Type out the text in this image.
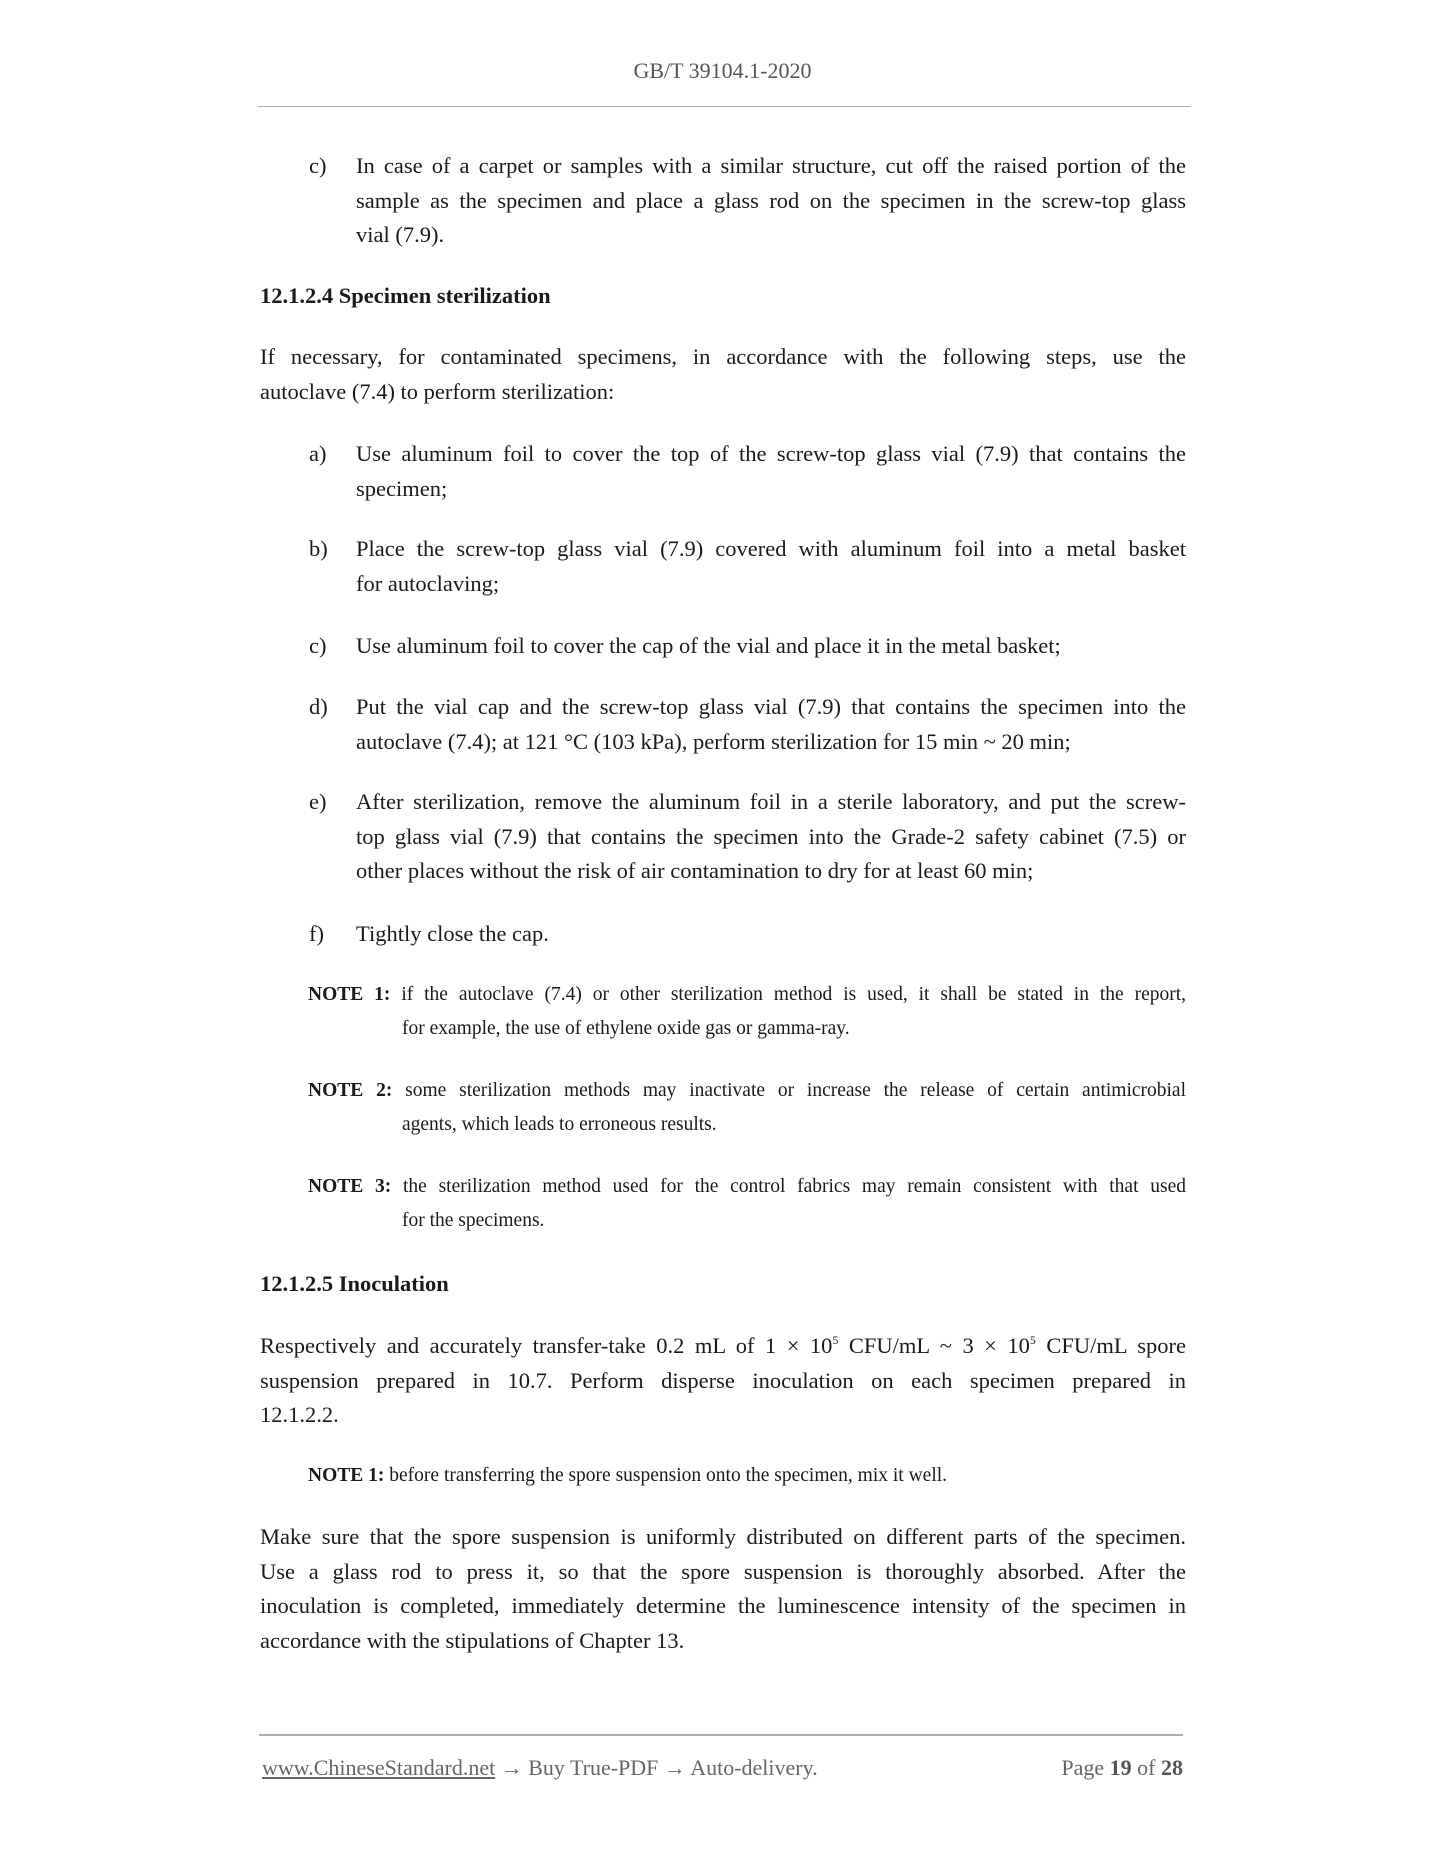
GB/T 39104.1-2020
c) In case of a carpet or samples with a similar structure, cut off the raised portion of the
sample as the specimen and place a glass rod on the specimen in the screw-top glass
vial (7.9).
12.1.2.4 Specimen sterilization
If necessary, for contaminated specimens, in accordance with the following steps, use the
autoclave (7.4) to perform sterilization:
a) Use aluminum foil to cover the top of the screw-top glass vial (7.9) that contains the
specimen;
b) Place the screw-top glass vial (7.9) covered with aluminum foil into a metal basket
for autoclaving;
c) Use aluminum foil to cover the cap of the vial and place it in the metal basket;
d) Put the vial cap and the screw-top glass vial (7.9) that contains the specimen into the
autoclave (7.4); at 121 °C (103 kPa), perform sterilization for 15 min ~ 20 min;
e) After sterilization, remove the aluminum foil in a sterile laboratory, and put the screw-
top glass vial (7.9) that contains the specimen into the Grade-2 safety cabinet (7.5) or
other places without the risk of air contamination to dry for at least 60 min;
f) Tightly close the cap.
NOTE 1: if the autoclave (7.4) or other sterilization method is used, it shall be stated in the report,
for example, the use of ethylene oxide gas or gamma-ray.
NOTE 2: some sterilization methods may inactivate or increase the release of certain antimicrobial
agents, which leads to erroneous results.
NOTE 3: the sterilization method used for the control fabrics may remain consistent with that used
for the specimens.
12.1.2.5 Inoculation
Respectively and accurately transfer-take 0.2 mL of $1 \times 10^5$ CFU/mL ~ $3 \times 10^5$ CFU/mL spore
suspension prepared in 10.7. Perform disperse inoculation on each specimen prepared in
12.1.2.2.
NOTE 1: before transferring the spore suspension onto the specimen, mix it well.
Make sure that the spore suspension is uniformly distributed on different parts of the specimen.
Use a glass rod to press it, so that the spore suspension is thoroughly absorbed. After the
inoculation is completed, immediately determine the luminescence intensity of the specimen in
accordance with the stipulations of Chapter 13.
www.ChineseStandard.net → Buy True-PDF → Auto-delivery.	Page 19 of 28
